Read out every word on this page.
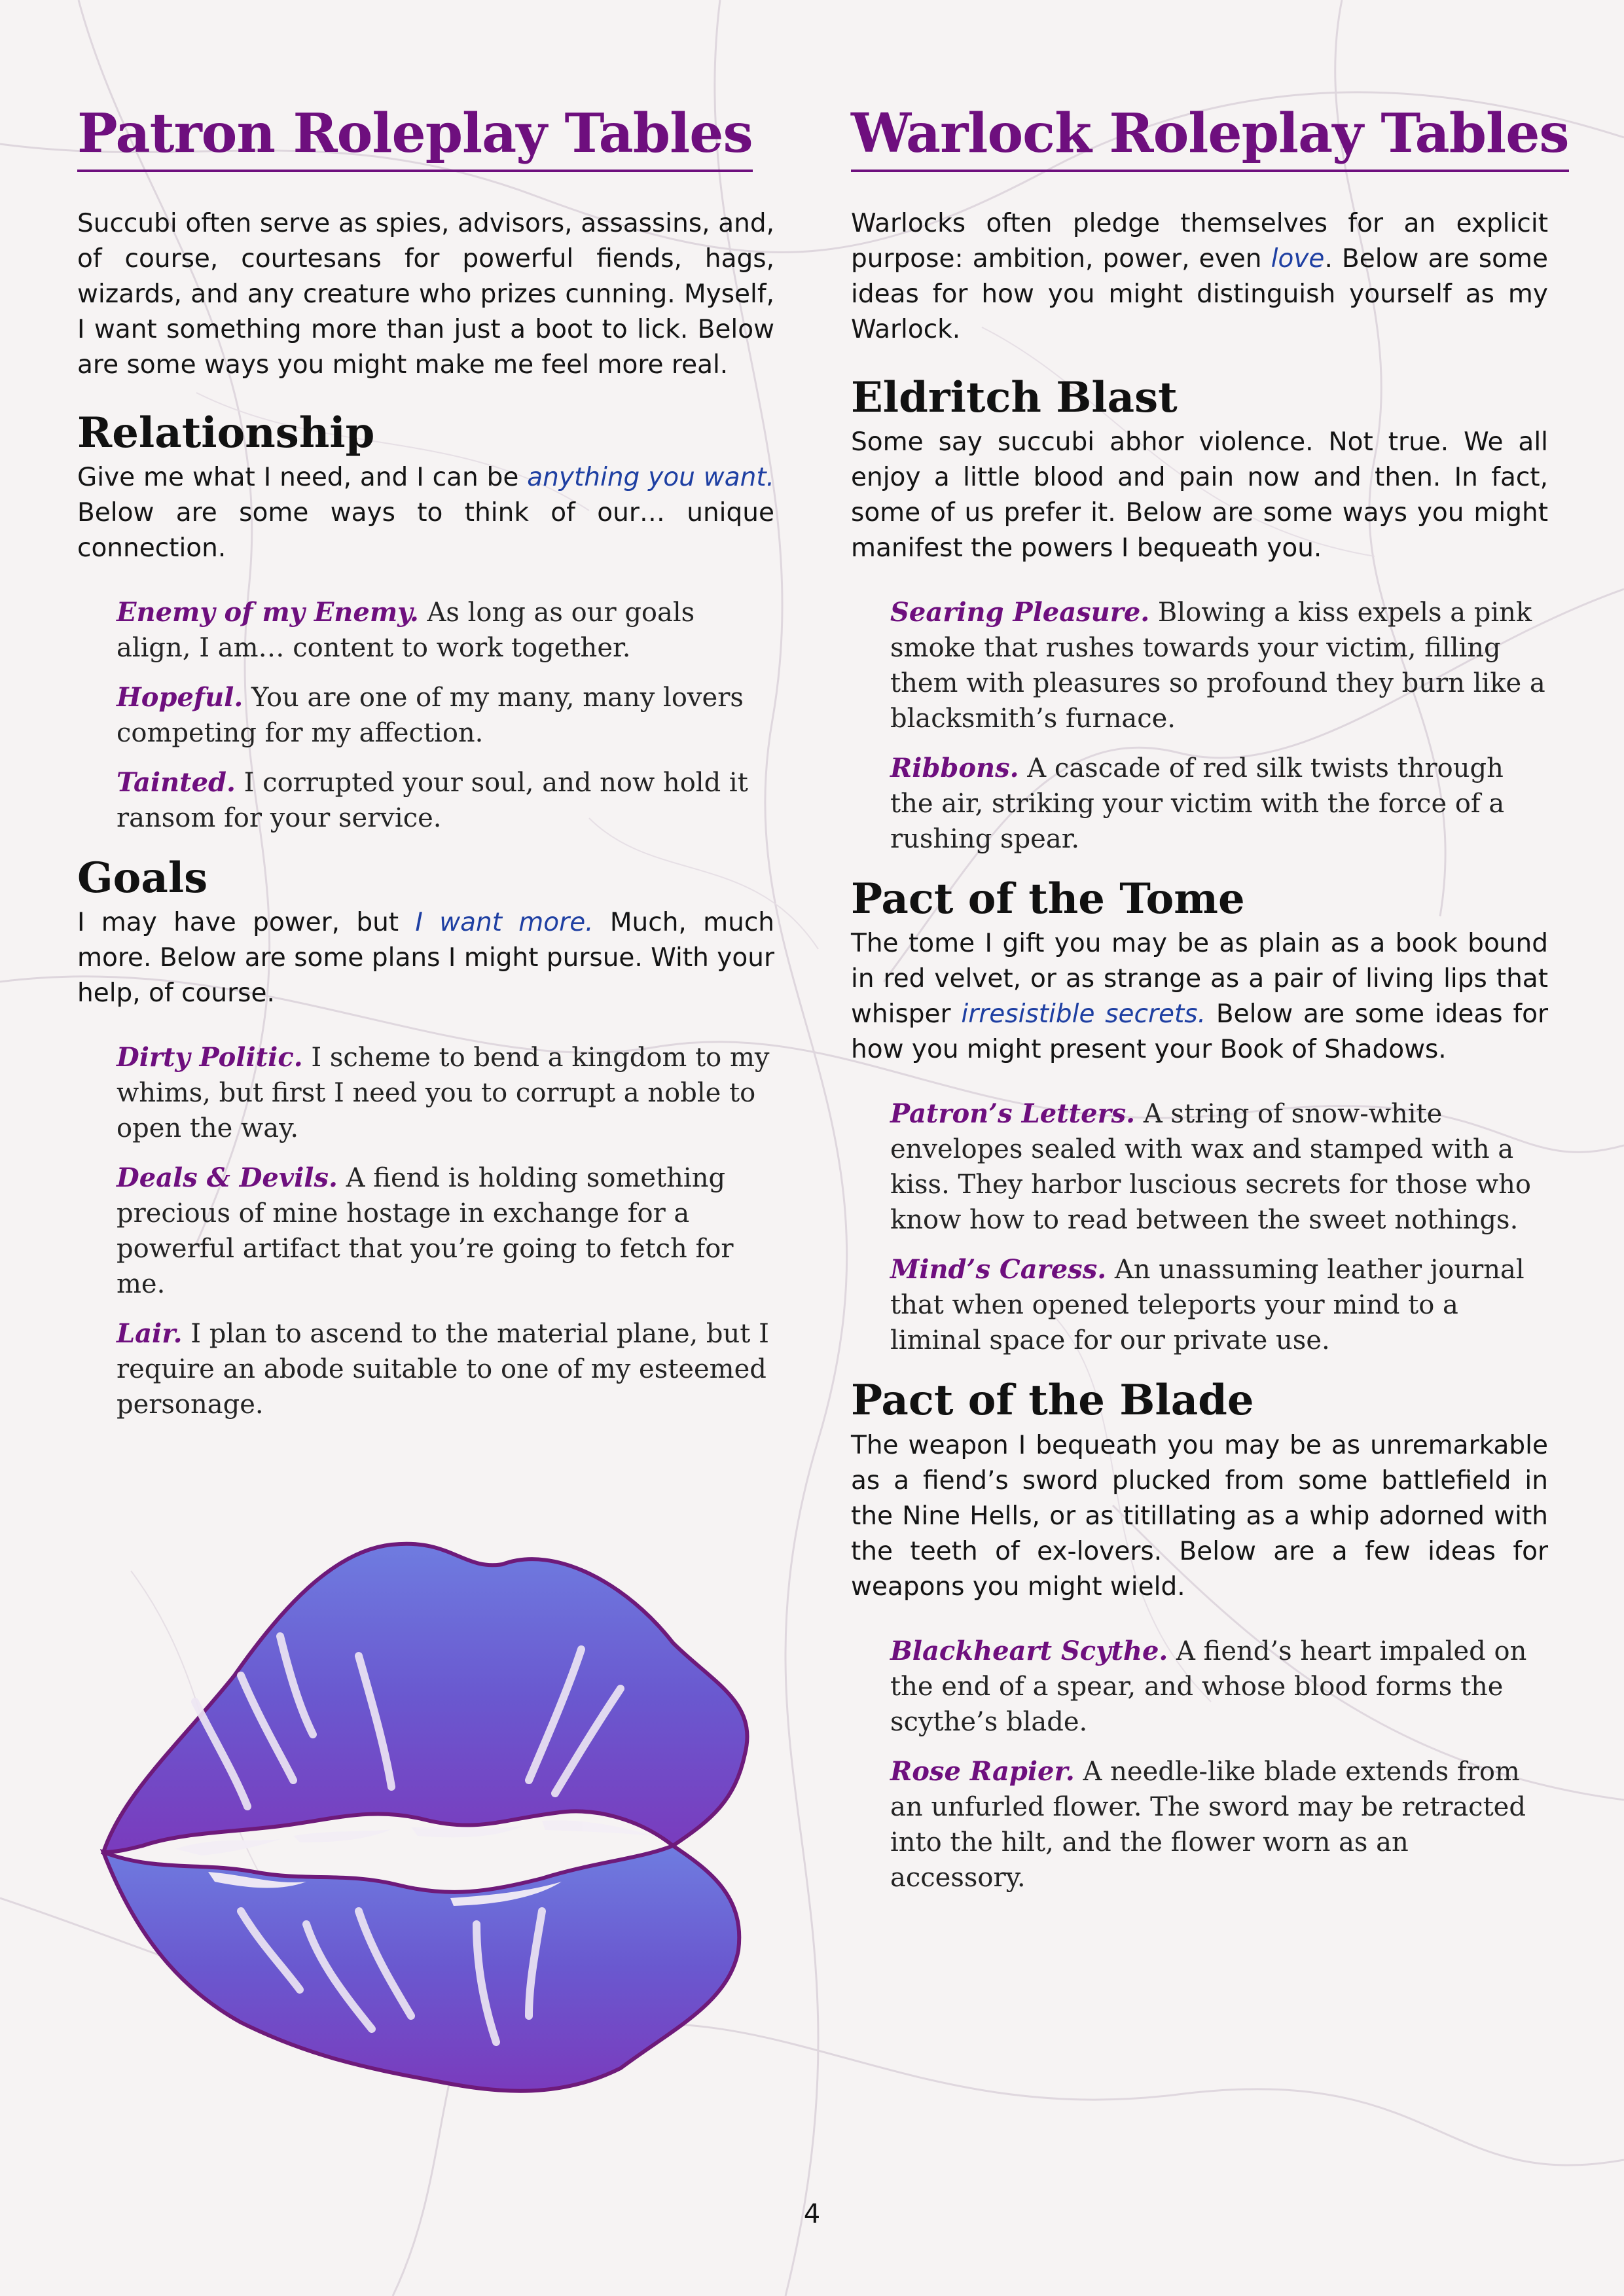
Patron Roleplay Tables

Succubi often serve as spies, advisors, assassins, and, of course, courtesans for powerful fiends, hags, wizards, and any creature who prizes cunning. Myself, I want something more than just a boot to lick. Below are some ways you might make me feel more real.

Relationship

Give me what I need, and I can be anything you want. Below are some ways to think of our… unique connection.

Enemy of my Enemy. As long as our goals align, I am… content to work together.

Hopeful. You are one of my many, many lovers competing for my affection.

Tainted. I corrupted your soul, and now hold it ransom for your service.

Goals

I may have power, but I want more. Much, much more. Below are some plans I might pursue. With your help, of course.

Dirty Politic. I scheme to bend a kingdom to my whims, but first I need you to corrupt a noble to open the way.

Deals & Devils. A fiend is holding something precious of mine hostage in exchange for a powerful artifact that you’re going to fetch for me.

Lair. I plan to ascend to the material plane, but I require an abode suitable to one of my esteemed personage.

Warlock Roleplay Tables

Warlocks often pledge themselves for an explicit purpose: ambition, power, even love. Below are some ideas for how you might distinguish yourself as my Warlock.

Eldritch Blast

Some say succubi abhor violence. Not true. We all enjoy a little blood and pain now and then. In fact, some of us prefer it. Below are some ways you might manifest the powers I bequeath you.

Searing Pleasure. Blowing a kiss expels a pink smoke that rushes towards your victim, filling them with pleasures so profound they burn like a blacksmith’s furnace.

Ribbons. A cascade of red silk twists through the air, striking your victim with the force of a rushing spear.

Pact of the Tome

The tome I gift you may be as plain as a book bound in red velvet, or as strange as a pair of living lips that whisper irresistible secrets. Below are some ideas for how you might present your Book of Shadows.

Patron’s Letters. A string of snow-white envelopes sealed with wax and stamped with a kiss. They harbor luscious secrets for those who know how to read between the sweet nothings.

Mind’s Caress. An unassuming leather journal that when opened teleports your mind to a liminal space for our private use.

Pact of the Blade

The weapon I bequeath you may be as unremarkable as a fiend’s sword plucked from some battlefield in the Nine Hells, or as titillating as a whip adorned with the teeth of ex-lovers. Below are a few ideas for weapons you might wield.

Blackheart Scythe. A fiend’s heart impaled on the end of a spear, and whose blood forms the scythe’s blade.

Rose Rapier. A needle-like blade extends from an unfurled flower. The sword may be retracted into the hilt, and the flower worn as an accessory.

4
